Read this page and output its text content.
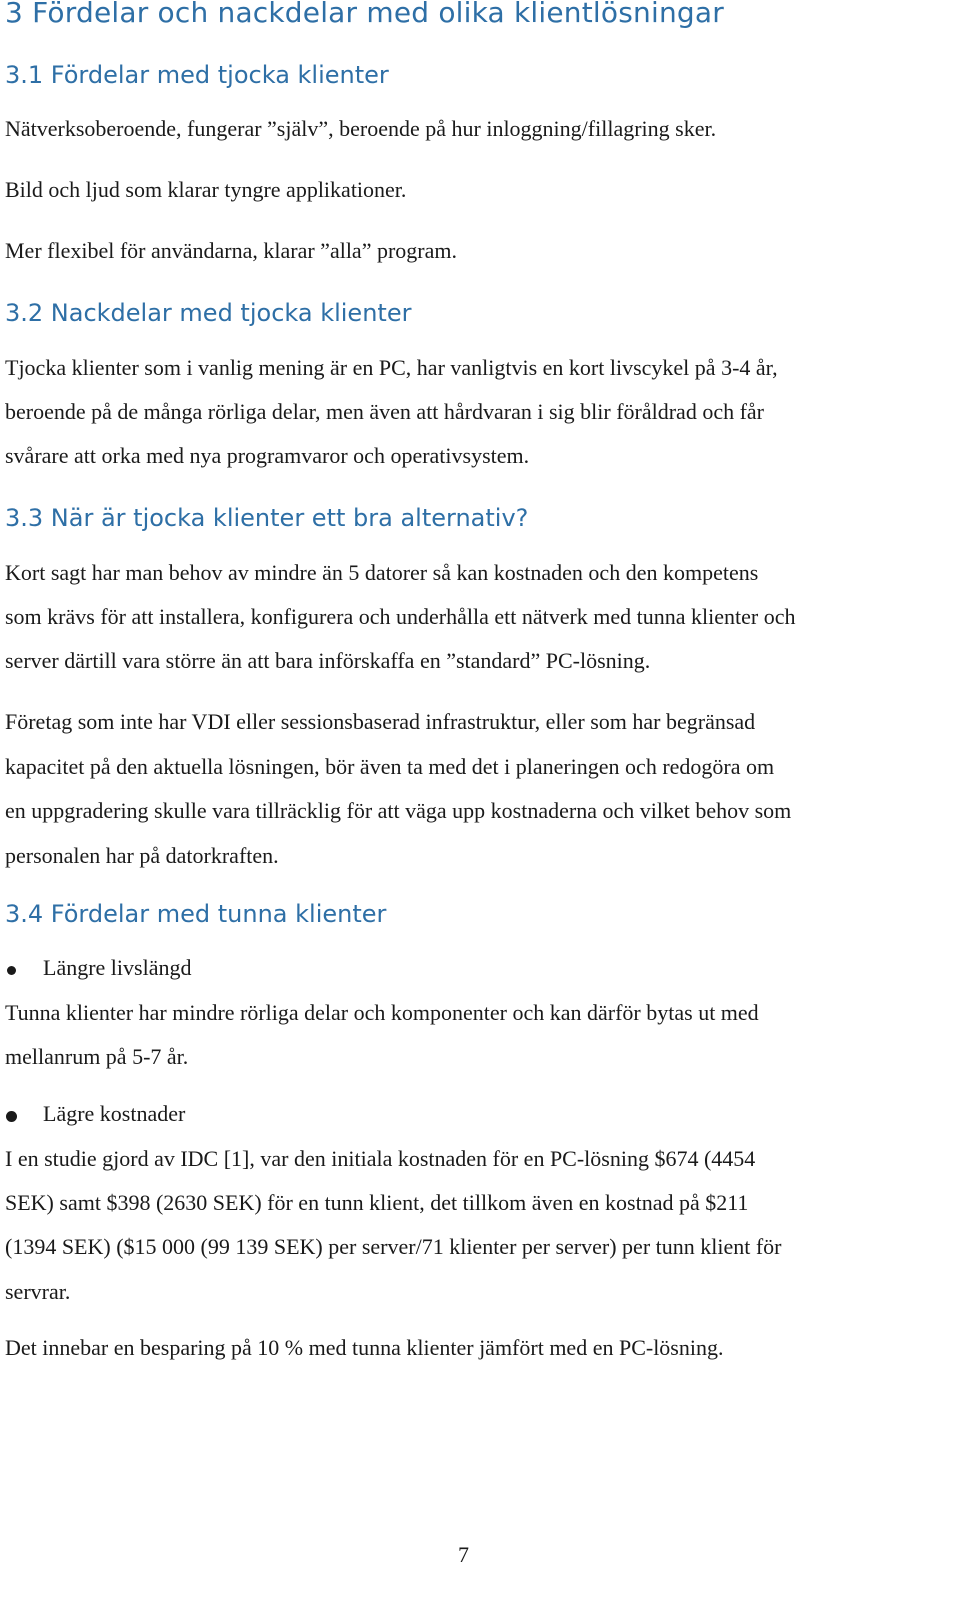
3 Fördelar och nackdelar med olika klientlösningar
3.1 Fördelar med tjocka klienter

Nätverksoberoende, fungerar ”själv”, beroende på hur inloggning/fillagring sker.

Bild och ljud som klarar tyngre applikationer.

Mer flexibel för användarna, klarar ”alla” program.

3.2 Nackdelar med tjocka klienter

Tjocka klienter som i vanlig mening är en PC, har vanligtvis en kort livscykel på 3-4 år,

beroende på de många rörliga delar, men även att hårdvaran i sig blir föråldrad och får

svårare att orka med nya programvaror och operativsystem.

3.3 När är tjocka klienter ett bra alternativ?

Kort sagt har man behov av mindre än 5 datorer så kan kostnaden och den kompetens

som krävs för att installera, konfigurera och underhålla ett nätverk med tunna klienter och

server därtill vara större än att bara införskaffa en ”standard” PC-lösning.

Företag som inte har VDI eller sessionsbaserad infrastruktur, eller som har begränsad

kapacitet på den aktuella lösningen, bör även ta med det i planeringen och redogöra om

en uppgradering skulle vara tillräcklig för att väga upp kostnaderna och vilket behov som

personalen har på datorkraften.

3.4 Fördelar med tunna klienter
Längre livslängd

Tunna klienter har mindre rörliga delar och komponenter och kan därför bytas ut med

mellanrum på 5-7 år.

Lägre kostnader

I en studie gjord av IDC [1], var den initiala kostnaden för en PC-lösning $674 (4454

SEK) samt $398 (2630 SEK) för en tunn klient, det tillkom även en kostnad på $211

(1394 SEK) ($15 000 (99 139 SEK) per server/71 klienter per server) per tunn klient för

servrar.

Det innebar en besparing på 10 % med tunna klienter jämfört med en PC-lösning.

7
